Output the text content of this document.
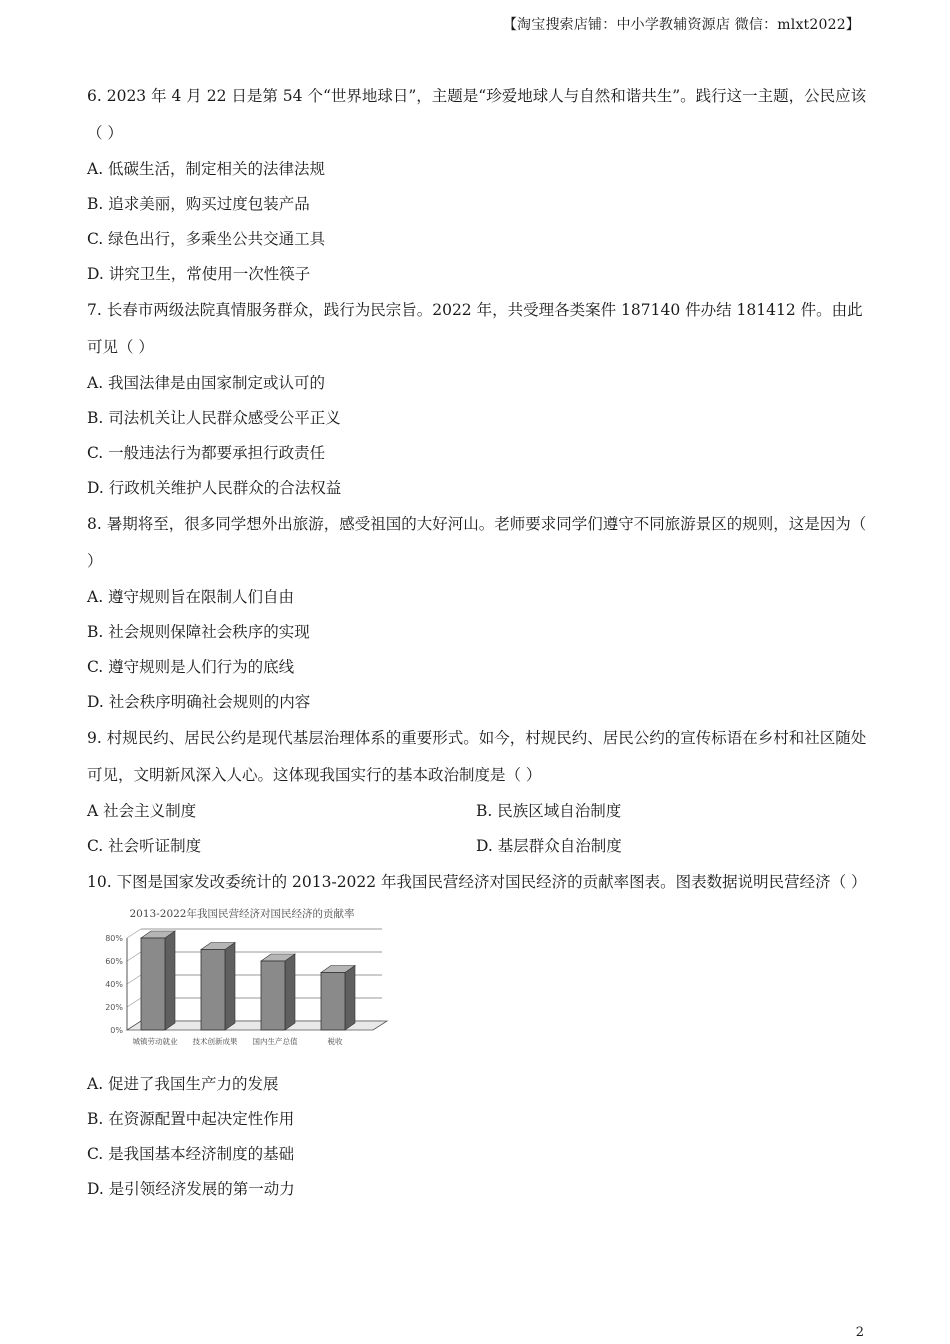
【淘宝搜索店铺：中小学教辅资源店 微信：mlxt2022】
6. 2023 年 4 月 22 日是第 54 个“世界地球日”，主题是“珍爱地球人与自然和谐共生”。践行这一主题，公民应该（ ）
A. 低碳生活，制定相关的法律法规
B. 追求美丽，购买过度包装产品
C. 绿色出行，多乘坐公共交通工具
D. 讲究卫生，常使用一次性筷子
7. 长春市两级法院真情服务群众，践行为民宗旨。2022 年，共受理各类案件 187140 件办结 181412 件。由此可见（ ）
A. 我国法律是由国家制定或认可的
B. 司法机关让人民群众感受公平正义
C. 一般违法行为都要承担行政责任
D. 行政机关维护人民群众的合法权益
8. 暑期将至，很多同学想外出旅游，感受祖国的大好河山。老师要求同学们遵守不同旅游景区的规则，这是因为（ ）
A. 遵守规则旨在限制人们自由
B. 社会规则保障社会秩序的实现
C. 遵守规则是人们行为的底线
D. 社会秩序明确社会规则的内容
9. 村规民约、居民公约是现代基层治理体系的重要形式。如今，村规民约、居民公约的宣传标语在乡村和社区随处可见，文明新风深入人心。这体现我国实行的基本政治制度是（ ）
A 社会主义制度	B. 民族区域自治制度
C. 社会听证制度	D. 基层群众自治制度
10. 下图是国家发改委统计的 2013-2022 年我国民营经济对国民经济的贡献率图表。图表数据说明民营经济（ ）
2013-2022年我国民营经济对国民经济的贡献率
0%
20%
40%
60%
80%
城镇劳动就业 技术创新成果 国内生产总值	税收
A. 促进了我国生产力的发展
B. 在资源配置中起决定性作用
C. 是我国基本经济制度的基础
D. 是引领经济发展的第一动力
2
